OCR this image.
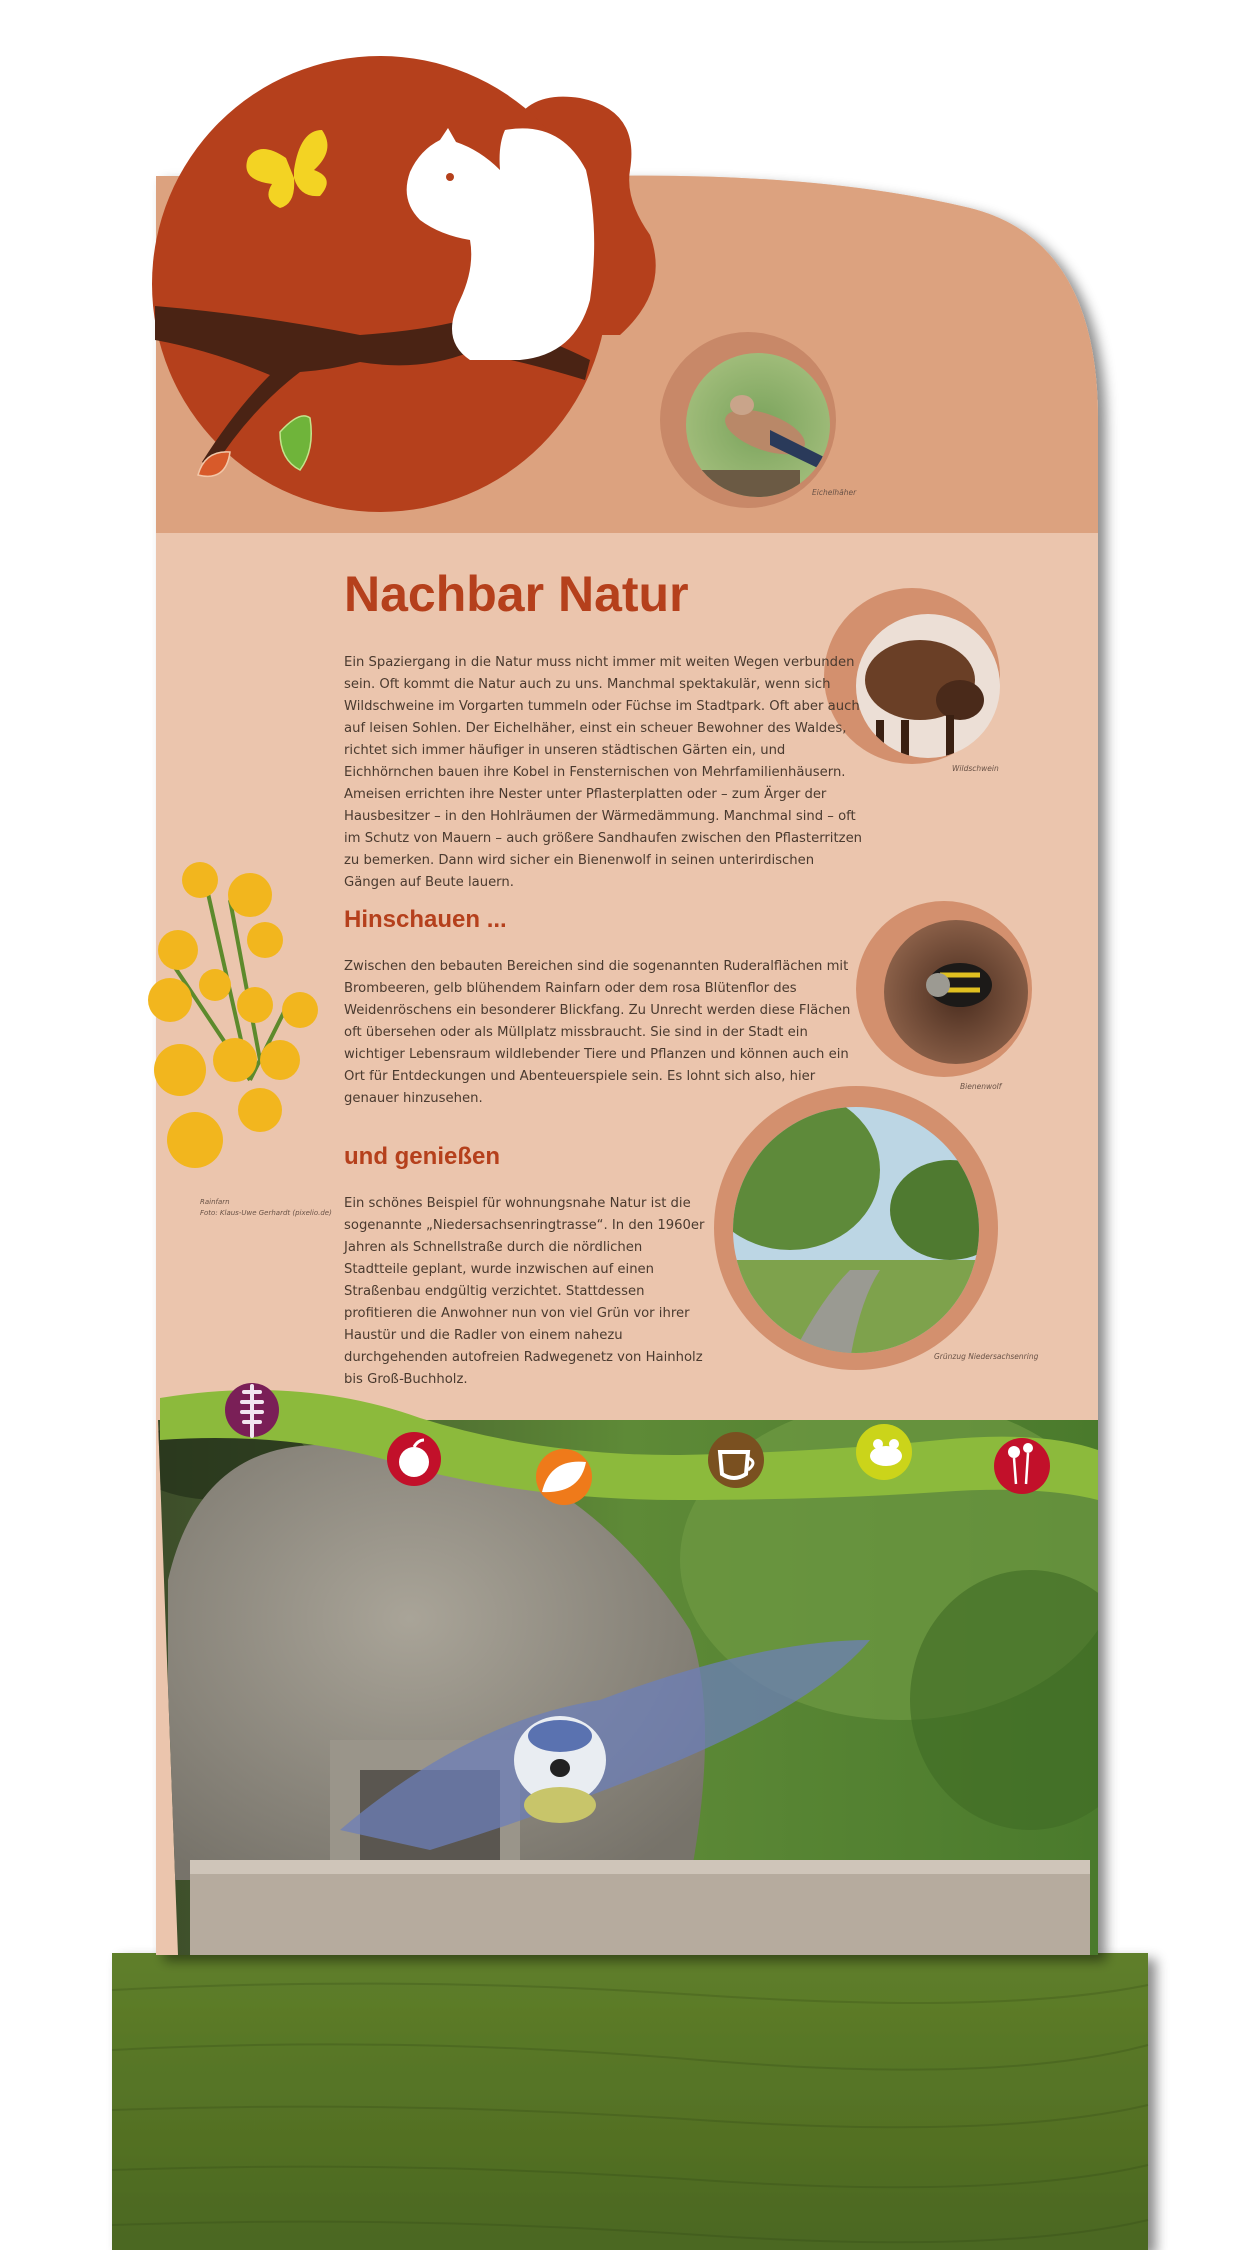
Nachbar Natur

Ein Spaziergang in die Natur muss nicht immer mit weiten Wegen verbunden sein. Oft kommt die Natur auch zu uns. Manchmal spektakulär, wenn sich Wildschweine im Vorgarten tummeln oder Füchse im Stadtpark. Oft aber auch auf leisen Sohlen. Der Eichelhäher, einst ein scheuer Bewohner des Waldes, richtet sich immer häufiger in unseren städtischen Gärten ein, und Eichhörnchen bauen ihre Kobel in Fensternischen von Mehrfamilienhäusern. Ameisen errichten ihre Nester unter Pflasterplatten oder – zum Ärger der Hausbesitzer – in den Hohlräumen der Wärmedämmung. Manchmal sind – oft im Schutz von Mauern – auch größere Sandhaufen zwischen den Pflasterritzen zu bemerken. Dann wird sicher ein Bienenwolf in seinen unterirdischen Gängen auf Beute lauern.

Hinschauen ...

Zwischen den bebauten Bereichen sind die sogenannten Ruderalflächen mit Brombeeren, gelb blühendem Rainfarn oder dem rosa Blütenflor des Weidenröschens ein besonderer Blickfang. Zu Unrecht werden diese Flächen oft übersehen oder als Müllplatz missbraucht. Sie sind in der Stadt ein wichtiger Lebensraum wildlebender Tiere und Pflanzen und können auch ein Ort für Entdeckungen und Abenteuerspiele sein. Es lohnt sich also, hier genauer hinzusehen.

und genießen

Ein schönes Beispiel für wohnungsnahe Natur ist die sogenannte „Niedersachsenringtrasse“. In den 1960er Jahren als Schnellstraße durch die nördlichen Stadtteile geplant, wurde inzwischen auf einen Straßenbau endgültig verzichtet. Stattdessen profitieren die Anwohner nun von viel Grün vor ihrer Haustür und die Radler von einem nahezu durchgehenden autofreien Radwegenetz von Hainholz bis Groß-Buchholz.

Eichelhäher
Wildschwein
Bienenwolf
Grünzug Niedersachsenring
Rainfarn
Foto: Klaus-Uwe Gerhardt (pixelio.de)
